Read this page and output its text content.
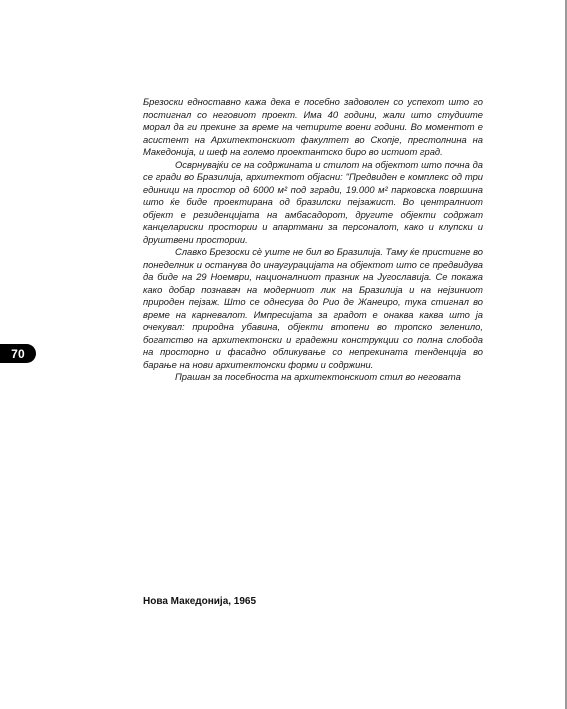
Брезоски едноставно кажа дека е посебно задоволен со успехот што го постигнал со неговиот проект. Има 40 години, жали што студиите морал да ги прекине за време на четирите воени години. Во моментот е асистент на Архитектонскиот факултет во Скопје, престолнина на Македонија, и шеф на големо проектантско биро во истиот град.

Осврнувајќи се на содржината и стилот на објектот што почна да се гради во Бразилија, архитектот објасни: "Предвиден е комплекс од три единици на простор од 6000 м² под згради, 19.000 м² парковска површина што ќе биде проектирана од бразилски пејзажист. Во централниот објект е резиденцијата на амбасадорот, другите објекти содржат канцелариски простории и апартмани за персоналот, како и клупски и друштвени простории.

Славко Брезоски сѐ уште не бил во Бразилија. Таму ќе пристигне во понеделник и останува до инаугурацијата на објектот што се предвидува да биде на 29 Ноември, националниот празник на Југославија. Се покажа како добар познавач на модерниот лик на Бразилија и на нејзиниот природен пејзаж. Што се однесува до Рио де Жанеиро, тука стигнал во време на карневалот. Импресијата за градот е онаква каква што ја очекувал: природна убавина, објекти втопени во тропско зеленило, богатство на архитектонски и градежни конструкции со полна слобода на просторно и фасадно обликување со непрекината тенденција во барање на нови архитектонски форми и содржини.

Прашан за посебноста на архитектонскиот стил во неговата

70
Нова Македонија, 1965
